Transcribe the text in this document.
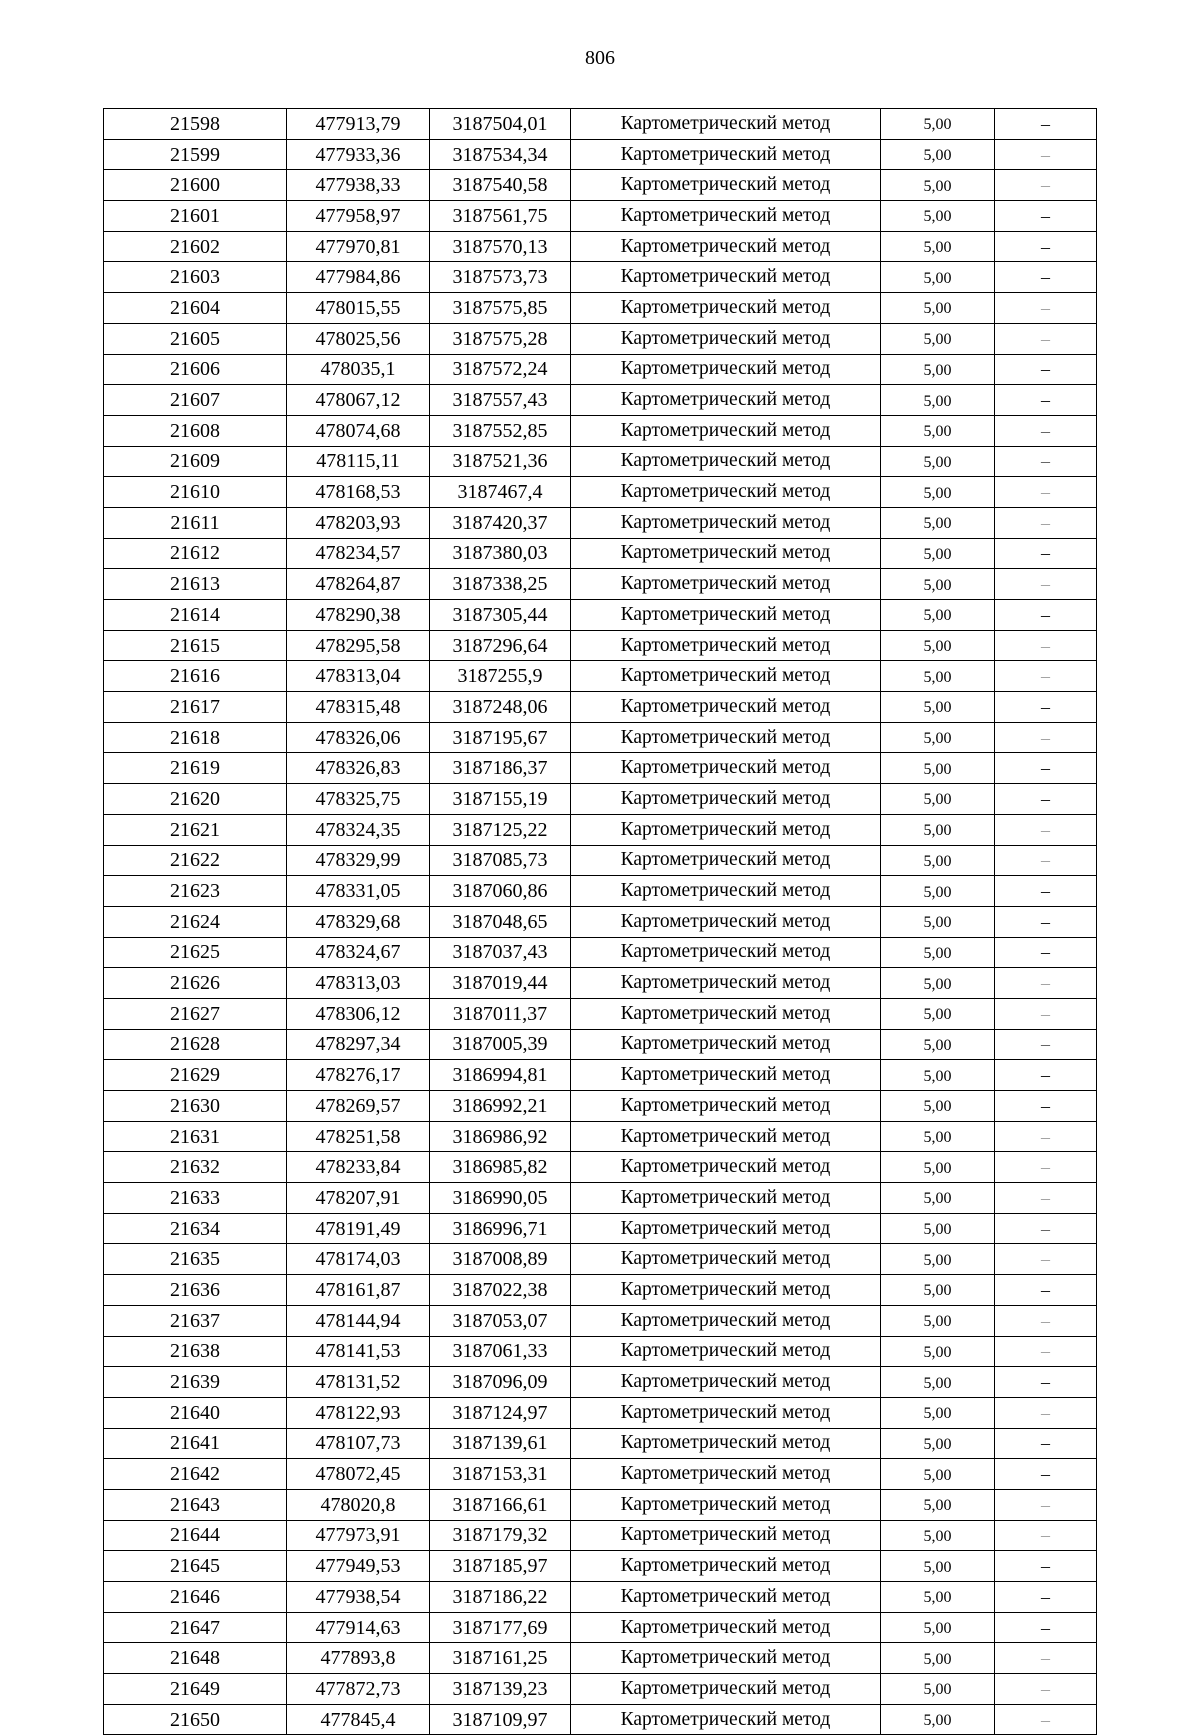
806
21598	477913,79	3187504,01	Картометрический метод	5,00	–
21599	477933,36	3187534,34	Картометрический метод	5,00	–
21600	477938,33	3187540,58	Картометрический метод	5,00	–
21601	477958,97	3187561,75	Картометрический метод	5,00	–
21602	477970,81	3187570,13	Картометрический метод	5,00	–
21603	477984,86	3187573,73	Картометрический метод	5,00	–
21604	478015,55	3187575,85	Картометрический метод	5,00	–
21605	478025,56	3187575,28	Картометрический метод	5,00	–
21606	478035,1	3187572,24	Картометрический метод	5,00	–
21607	478067,12	3187557,43	Картометрический метод	5,00	–
21608	478074,68	3187552,85	Картометрический метод	5,00	–
21609	478115,11	3187521,36	Картометрический метод	5,00	–
21610	478168,53	3187467,4	Картометрический метод	5,00	–
21611	478203,93	3187420,37	Картометрический метод	5,00	–
21612	478234,57	3187380,03	Картометрический метод	5,00	–
21613	478264,87	3187338,25	Картометрический метод	5,00	–
21614	478290,38	3187305,44	Картометрический метод	5,00	–
21615	478295,58	3187296,64	Картометрический метод	5,00	–
21616	478313,04	3187255,9	Картометрический метод	5,00	–
21617	478315,48	3187248,06	Картометрический метод	5,00	–
21618	478326,06	3187195,67	Картометрический метод	5,00	–
21619	478326,83	3187186,37	Картометрический метод	5,00	–
21620	478325,75	3187155,19	Картометрический метод	5,00	–
21621	478324,35	3187125,22	Картометрический метод	5,00	–
21622	478329,99	3187085,73	Картометрический метод	5,00	–
21623	478331,05	3187060,86	Картометрический метод	5,00	–
21624	478329,68	3187048,65	Картометрический метод	5,00	–
21625	478324,67	3187037,43	Картометрический метод	5,00	–
21626	478313,03	3187019,44	Картометрический метод	5,00	–
21627	478306,12	3187011,37	Картометрический метод	5,00	–
21628	478297,34	3187005,39	Картометрический метод	5,00	–
21629	478276,17	3186994,81	Картометрический метод	5,00	–
21630	478269,57	3186992,21	Картометрический метод	5,00	–
21631	478251,58	3186986,92	Картометрический метод	5,00	–
21632	478233,84	3186985,82	Картометрический метод	5,00	–
21633	478207,91	3186990,05	Картометрический метод	5,00	–
21634	478191,49	3186996,71	Картометрический метод	5,00	–
21635	478174,03	3187008,89	Картометрический метод	5,00	–
21636	478161,87	3187022,38	Картометрический метод	5,00	–
21637	478144,94	3187053,07	Картометрический метод	5,00	–
21638	478141,53	3187061,33	Картометрический метод	5,00	–
21639	478131,52	3187096,09	Картометрический метод	5,00	–
21640	478122,93	3187124,97	Картометрический метод	5,00	–
21641	478107,73	3187139,61	Картометрический метод	5,00	–
21642	478072,45	3187153,31	Картометрический метод	5,00	–
21643	478020,8	3187166,61	Картометрический метод	5,00	–
21644	477973,91	3187179,32	Картометрический метод	5,00	–
21645	477949,53	3187185,97	Картометрический метод	5,00	–
21646	477938,54	3187186,22	Картометрический метод	5,00	–
21647	477914,63	3187177,69	Картометрический метод	5,00	–
21648	477893,8	3187161,25	Картометрический метод	5,00	–
21649	477872,73	3187139,23	Картометрический метод	5,00	–
21650	477845,4	3187109,97	Картометрический метод	5,00	–
